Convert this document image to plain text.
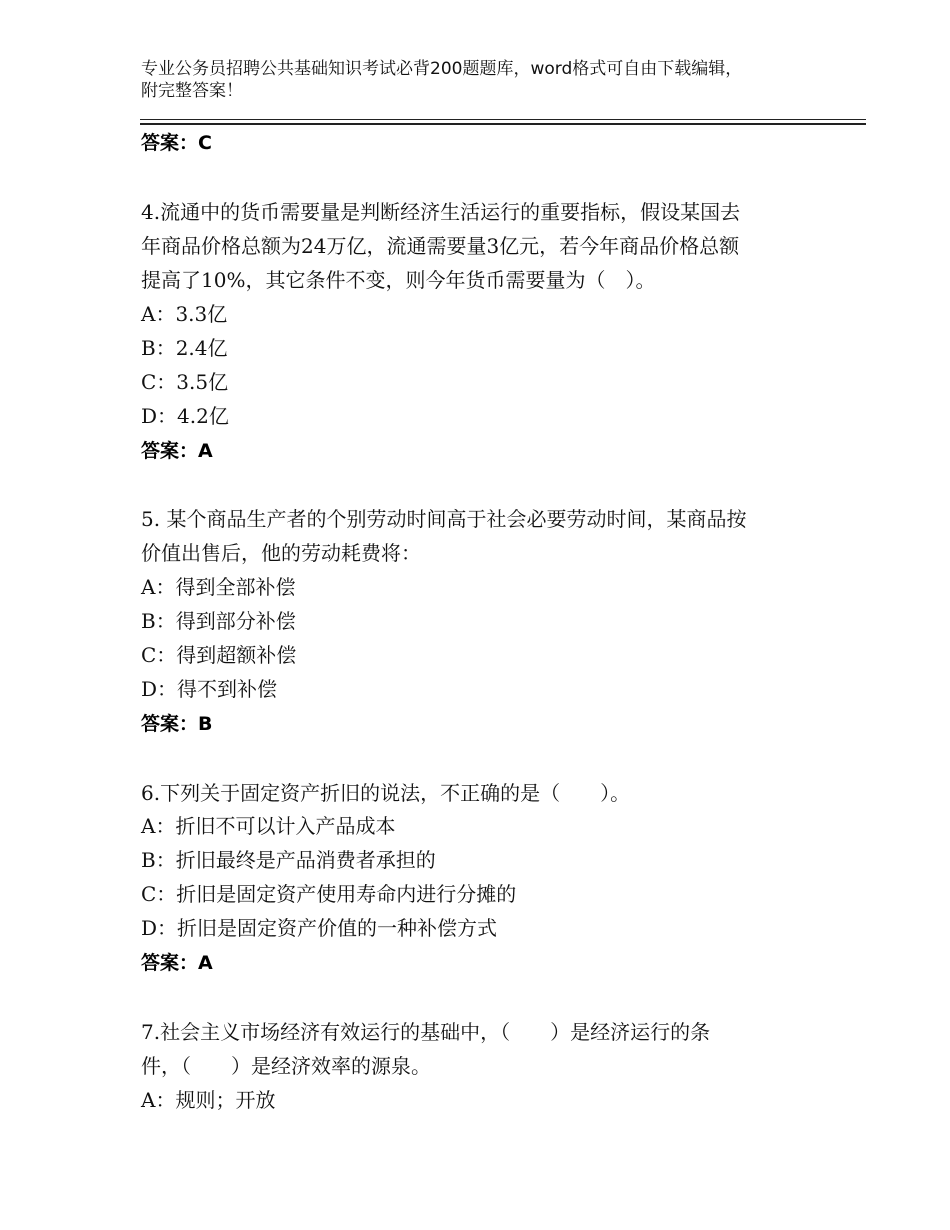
专业公务员招聘公共基础知识考试必背200题题库，word格式可自由下载编辑，
附完整答案！
答案：C
4.流通中的货币需要量是判断经济生活运行的重要指标，假设某国去
年商品价格总额为24万亿，流通需要量3亿元，若今年商品价格总额
提高了10%，其它条件不变，则今年货币需要量为（　）。
A：3.3亿
B：2.4亿
C：3.5亿
D：4.2亿
答案：A
5. 某个商品生产者的个别劳动时间高于社会必要劳动时间，某商品按
价值出售后，他的劳动耗费将：
A：得到全部补偿
B：得到部分补偿
C：得到超额补偿
D：得不到补偿
答案：B
6.下列关于固定资产折旧的说法，不正确的是（　　）。
A：折旧不可以计入产品成本
B：折旧最终是产品消费者承担的
C：折旧是固定资产使用寿命内进行分摊的
D：折旧是固定资产价值的一种补偿方式
答案：A
7.社会主义市场经济有效运行的基础中，（　　）是经济运行的条
件，（　　）是经济效率的源泉。
A：规则；开放
